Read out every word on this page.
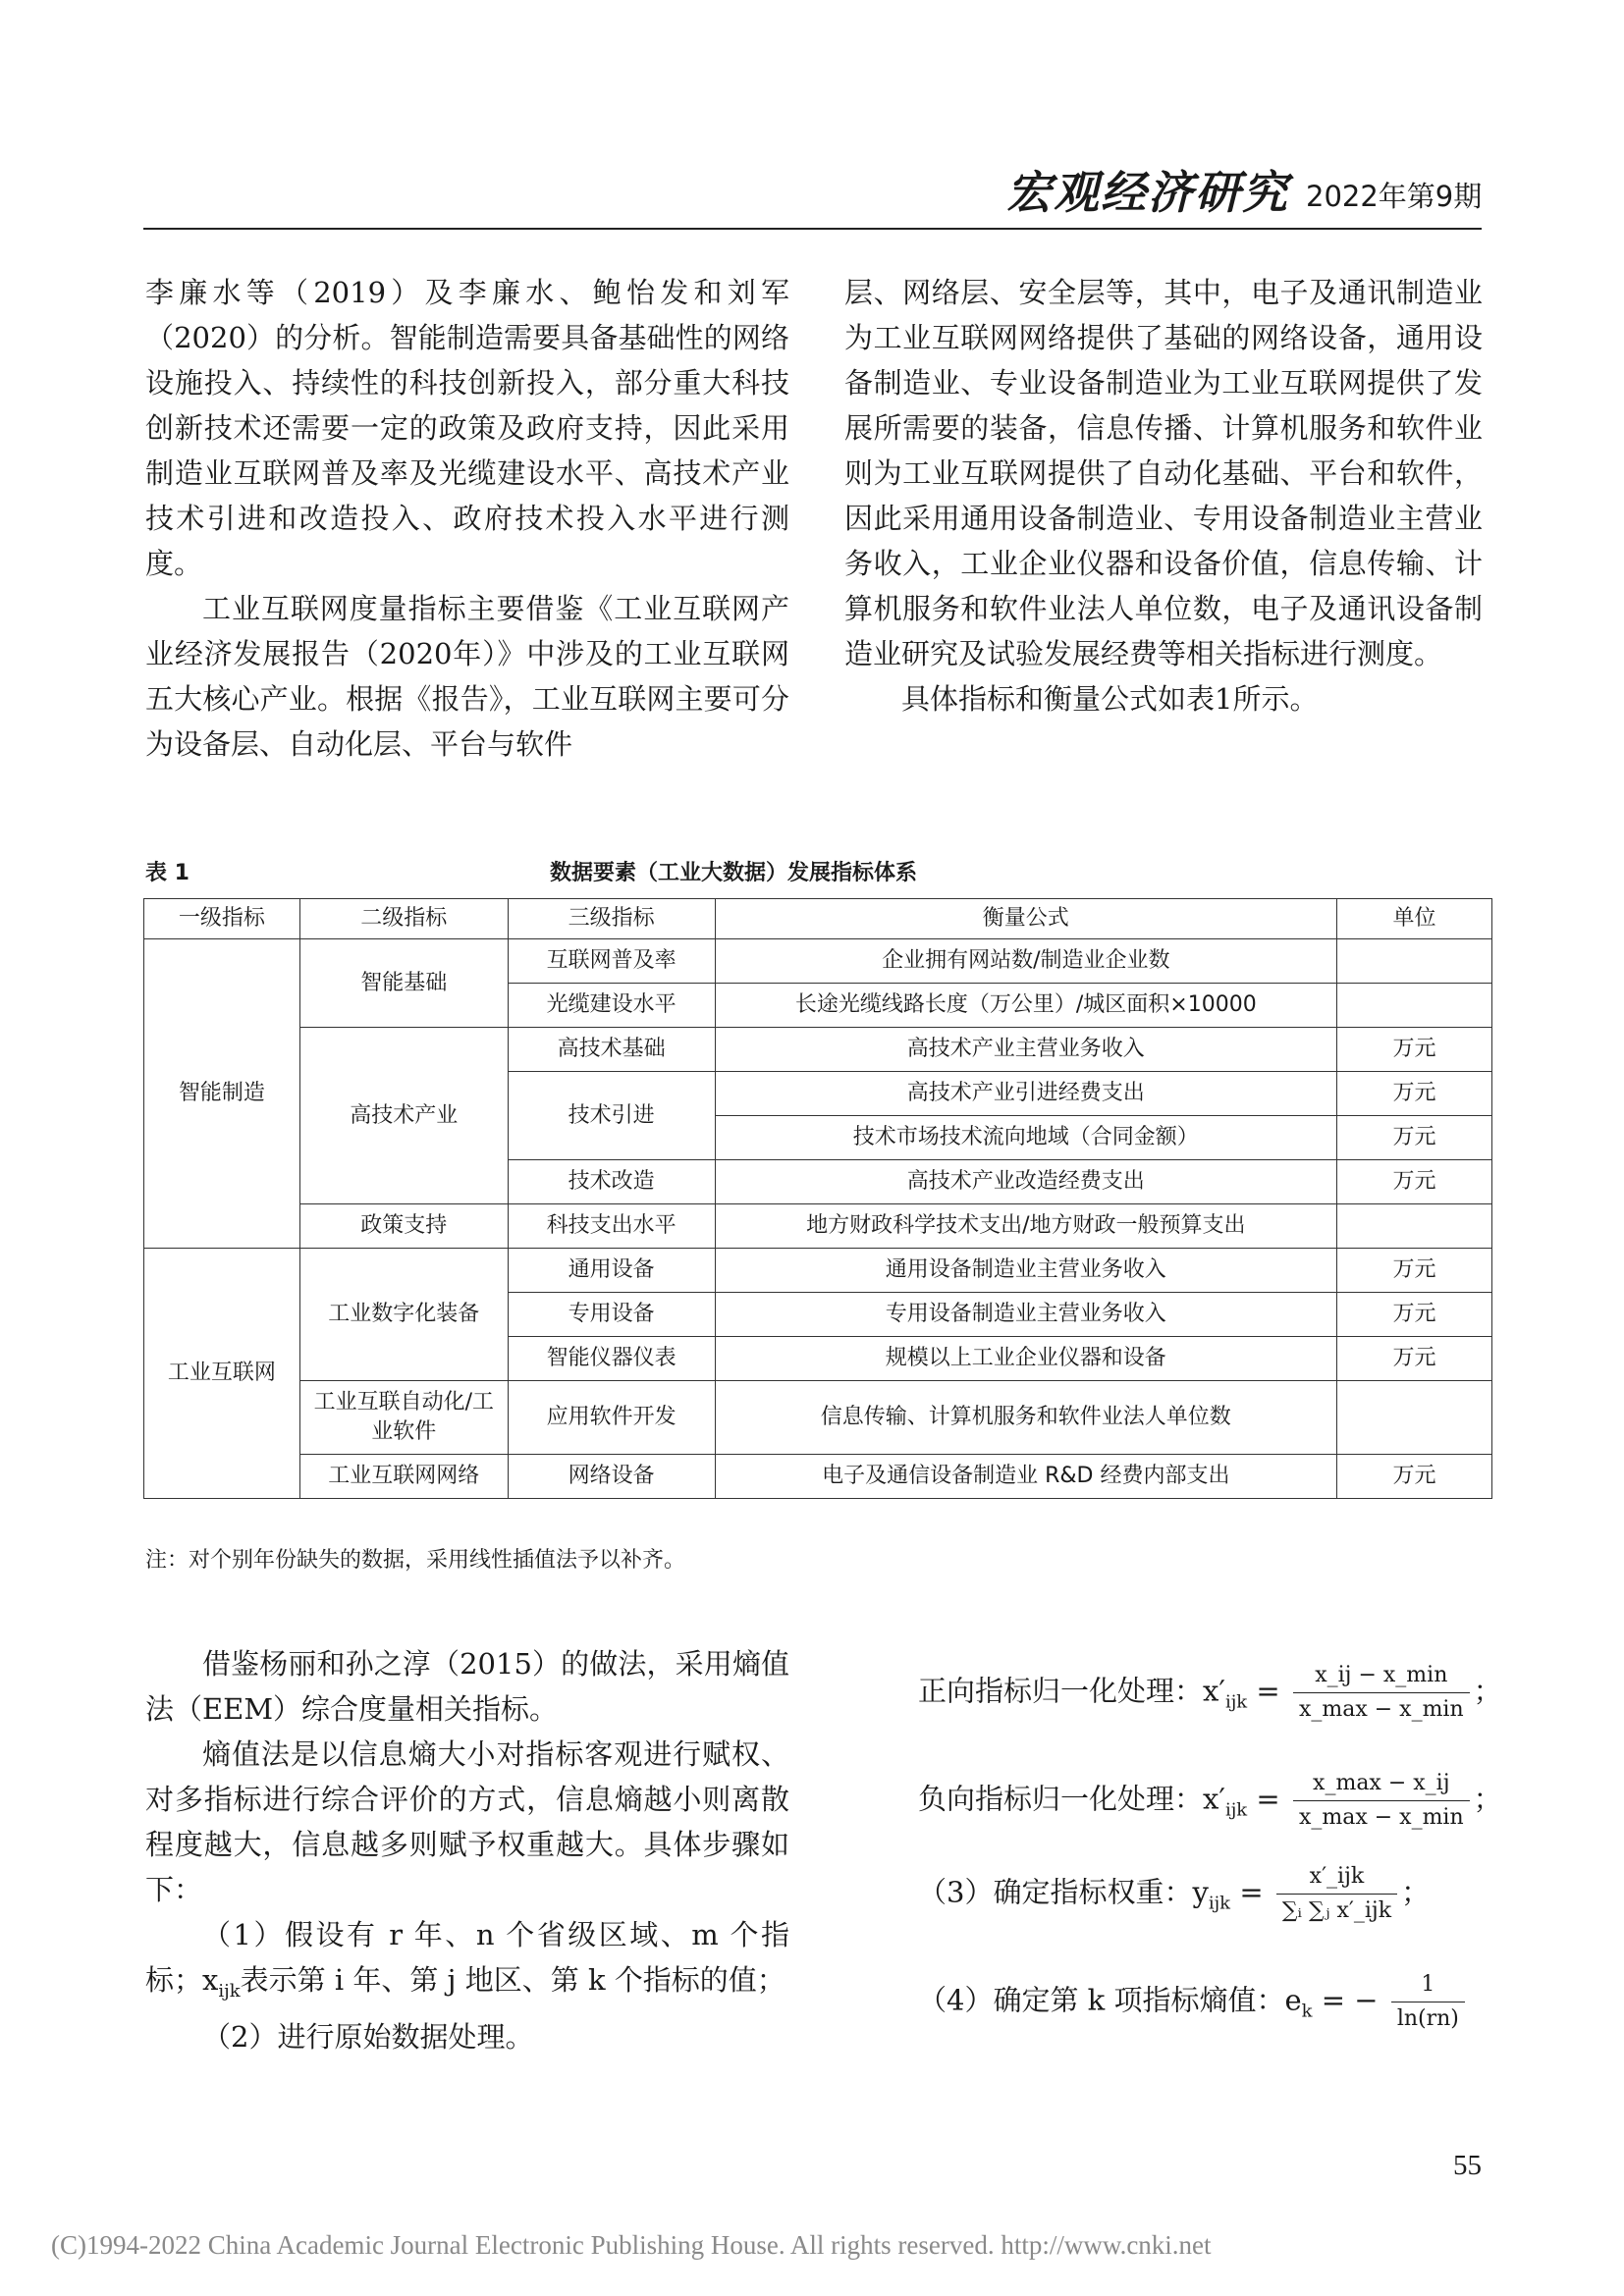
宏观经济研究 2022年第9期

李廉水等（2019）及李廉水、鲍怡发和刘军（2020）的分析。智能制造需要具备基础性的网络设施投入、持续性的科技创新投入，部分重大科技创新技术还需要一定的政策及政府支持，因此采用制造业互联网普及率及光缆建设水平、高技术产业技术引进和改造投入、政府技术投入水平进行测度。

工业互联网度量指标主要借鉴《工业互联网产业经济发展报告（2020年）》中涉及的工业互联网五大核心产业。根据《报告》，工业互联网主要可分为设备层、自动化层、平台与软件

层、网络层、安全层等，其中，电子及通讯制造业为工业互联网网络提供了基础的网络设备，通用设备制造业、专业设备制造业为工业互联网提供了发展所需要的装备，信息传播、计算机服务和软件业则为工业互联网提供了自动化基础、平台和软件，因此采用通用设备制造业、专用设备制造业主营业务收入，工业企业仪器和设备价值，信息传输、计算机服务和软件业法人单位数，电子及通讯设备制造业研究及试验发展经费等相关指标进行测度。

具体指标和衡量公式如表1所示。

表 1	数据要素（工业大数据）发展指标体系
一级指标	二级指标	三级指标	衡量公式	单位
智能制造	智能基础	互联网普及率	企业拥有网站数/制造业企业数	
		光缆建设水平	长途光缆线路长度（万公里）/城区面积×10000	
	高技术产业	高技术基础	高技术产业主营业务收入	万元
		技术引进	高技术产业引进经费支出	万元
			技术市场技术流向地域（合同金额）	万元
		技术改造	高技术产业改造经费支出	万元
	政策支持	科技支出水平	地方财政科学技术支出/地方财政一般预算支出	
工业互联网	工业数字化装备	通用设备	通用设备制造业主营业务收入	万元
		专用设备	专用设备制造业主营业务收入	万元
		智能仪器仪表	规模以上工业企业仪器和设备	万元
	工业互联自动化/工业软件	应用软件开发	信息传输、计算机服务和软件业法人单位数	
	工业互联网网络	网络设备	电子及通信设备制造业 R&D 经费内部支出	万元
注：对个别年份缺失的数据，采用线性插值法予以补齐。

借鉴杨丽和孙之淳（2015）的做法，采用熵值法（EEM）综合度量相关指标。

熵值法是以信息熵大小对指标客观进行赋权、对多指标进行综合评价的方式，信息熵越小则离散程度越大，信息越多则赋予权重越大。具体步骤如下：

（1）假设有 r 年、n 个省级区域、m 个指标；$x_{ijk}$表示第 i 年、第 j 地区、第 k 个指标的值；

（2）进行原始数据处理。

正向指标归一化处理：$x'_{ijk} = \frac{x\_ij - x\_\min}{x\_\max - x\_\min}$ ；
负向指标归一化处理：$x'_{ijk} = \frac{x\_\max - x\_ij}{x\_\max - x\_\min}$ ；
（3）确定指标权重：$y_{ijk} = \frac{\text{x′\_ijk}}{\text{∑ᵢ ∑ⱼ x′\_ijk}}$ ；
（4）确定第 k 项指标熵值：$e_k$ = − $\frac{1}{\ln(rn)}$
55
(C)1994-2022 China Academic Journal Electronic Publishing House. All rights reserved. http://www.cnki.net
